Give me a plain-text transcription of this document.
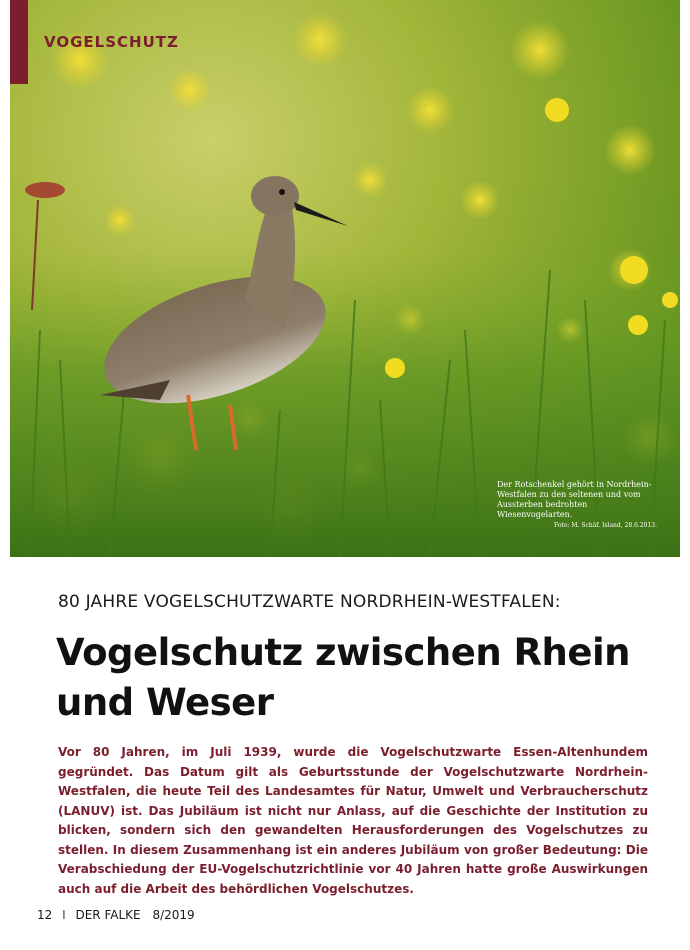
VOGELSCHUTZ
Der Rotschenkel gehört in Nordrhein-Westfalen zu den seltenen und vom Aussterben bedrohten Wiesenvogelarten.
Foto: M. Schäf. Island, 28.6.2013.
80 JAHRE VOGELSCHUTZWARTE NORDRHEIN-WESTFALEN:
Vogelschutz zwischen Rhein und Weser

Vor 80 Jahren, im Juli 1939, wurde die Vogelschutzwarte Essen-Altenhundem gegründet. Das Datum gilt als Geburtsstunde der Vogelschutzwarte Nordrhein-Westfalen, die heute Teil des Landesamtes für Natur, Umwelt und Verbraucherschutz (LANUV) ist. Das Jubiläum ist nicht nur Anlass, auf die Geschichte der Institution zu blicken, sondern sich den gewandelten Herausforderungen des Vogelschutzes zu stellen. In diesem Zusammenhang ist ein anderes Jubiläum von großer Bedeutung: Die Verabschiedung der EU-Vogelschutzrichtlinie vor 40 Jahren hatte große Auswirkungen auch auf die Arbeit des behördlichen Vogelschutzes.

12 I DER FALKE 8/2019
